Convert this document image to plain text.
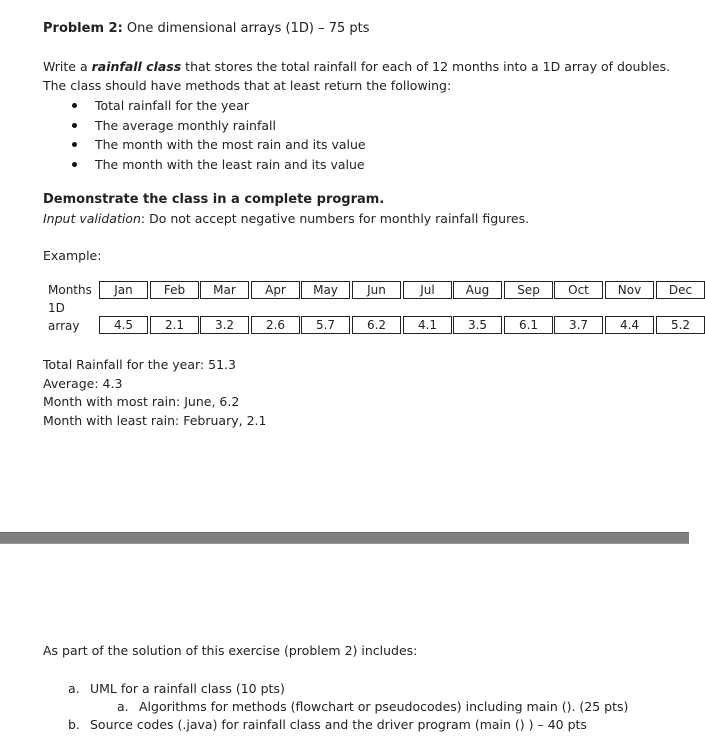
Problem 2: One dimensional arrays (1D) – 75 pts
Write a rainfall class that stores the total rainfall for each of 12 months into a 1D array of doubles.
The class should have methods that at least return the following:
Total rainfall for the year
The average monthly rainfall
The month with the most rain and its value
The month with the least rain and its value
Demonstrate the class in a complete program.
Input validation: Do not accept negative numbers for monthly rainfall figures.
Example:
Months
1D
array
Jan
4.5
Feb
2.1
Mar
3.2
Apr
2.6
May
5.7
Jun
6.2
Jul
4.1
Aug
3.5
Sep
6.1
Oct
3.7
Nov
4.4
Dec
5.2
Total Rainfall for the year: 51.3
Average: 4.3
Month with most rain: June, 6.2
Month with least rain: February, 2.1
As part of the solution of this exercise (problem 2) includes:
a. UML for a rainfall class (10 pts)
a. Algorithms for methods (flowchart or pseudocodes) including main (). (25 pts)
b. Source codes (.java) for rainfall class and the driver program (main () ) – 40 pts
